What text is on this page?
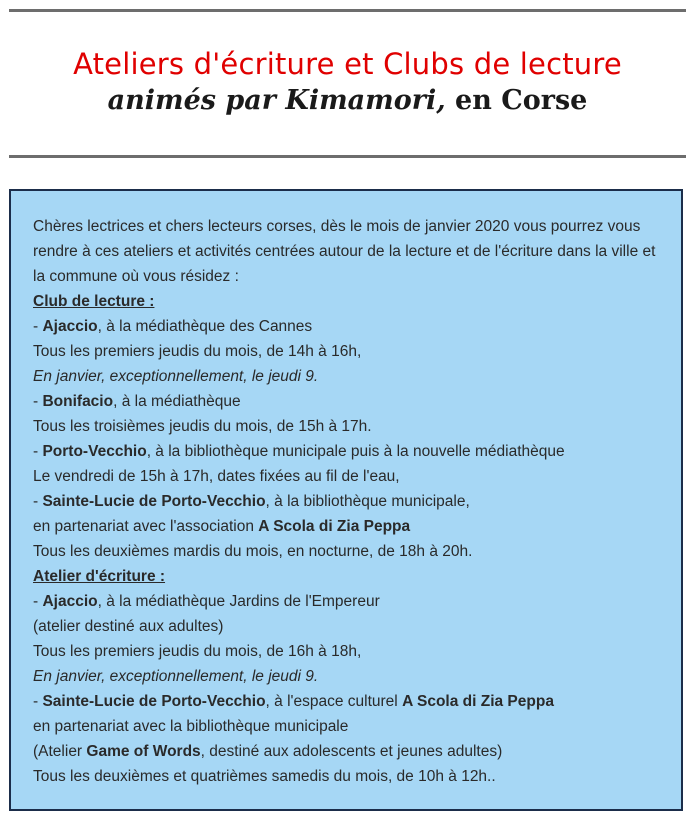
Ateliers d'écriture et Clubs de lecture
animés par Kimamori, en Corse

Chères lectrices et chers lecteurs corses, dès le mois de janvier 2020 vous pourrez vous rendre à ces ateliers et activités centrées autour de la lecture et de l'écriture dans la ville et la commune où vous résidez :

Club de lecture :

- Ajaccio, à la médiathèque des Cannes

Tous les premiers jeudis du mois, de 14h à 16h,

En janvier, exceptionnellement, le jeudi 9.

- Bonifacio, à la médiathèque

Tous les troisièmes jeudis du mois, de 15h à 17h.

- Porto-Vecchio, à la bibliothèque municipale puis à la nouvelle médiathèque

Le vendredi de 15h à 17h, dates fixées au fil de l'eau,

- Sainte-Lucie de Porto-Vecchio, à la bibliothèque municipale,

en partenariat avec l'association A Scola di Zia Peppa

Tous les deuxièmes mardis du mois, en nocturne, de 18h à 20h.

Atelier d'écriture :

- Ajaccio, à la médiathèque Jardins de l'Empereur

(atelier destiné aux adultes)

Tous les premiers jeudis du mois, de 16h à 18h,

En janvier, exceptionnellement, le jeudi 9.

- Sainte-Lucie de Porto-Vecchio, à l'espace culturel A Scola di Zia Peppa

en partenariat avec la bibliothèque municipale

(Atelier Game of Words, destiné aux adolescents et jeunes adultes)

Tous les deuxièmes et quatrièmes samedis du mois, de 10h à 12h..
